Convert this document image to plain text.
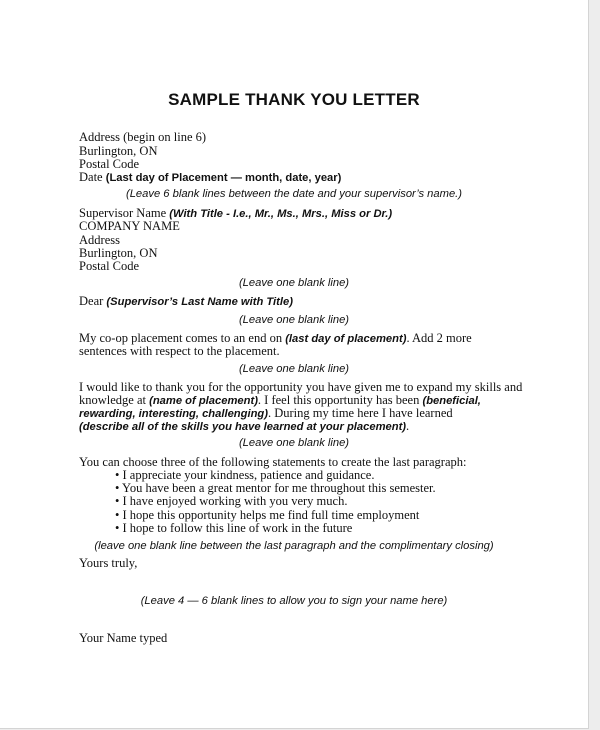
SAMPLE THANK YOU LETTER
Address (begin on line 6)
Burlington, ON
Postal Code
Date (Last day of Placement — month, date, year)
(Leave 6 blank lines between the date and your supervisor’s name.)
Supervisor Name (With Title - I.e., Mr., Ms., Mrs., Miss or Dr.)
COMPANY NAME
Address
Burlington, ON
Postal Code
(Leave one blank line)
Dear (Supervisor’s Last Name with Title)
(Leave one blank line)
My co-op placement comes to an end on (last day of placement). Add 2 more
sentences with respect to the placement.
(Leave one blank line)
I would like to thank you for the opportunity you have given me to expand my skills and
knowledge at (name of placement). I feel this opportunity has been (beneficial,
rewarding, interesting, challenging). During my time here I have learned
(describe all of the skills you have learned at your placement).
(Leave one blank line)
You can choose three of the following statements to create the last paragraph:
• I appreciate your kindness, patience and guidance.
• You have been a great mentor for me throughout this semester.
• I have enjoyed working with you very much.
• I hope this opportunity helps me find full time employment
• I hope to follow this line of work in the future
(leave one blank line between the last paragraph and the complimentary closing)
Yours truly,
(Leave 4 — 6 blank lines to allow you to sign your name here)
Your Name typed
